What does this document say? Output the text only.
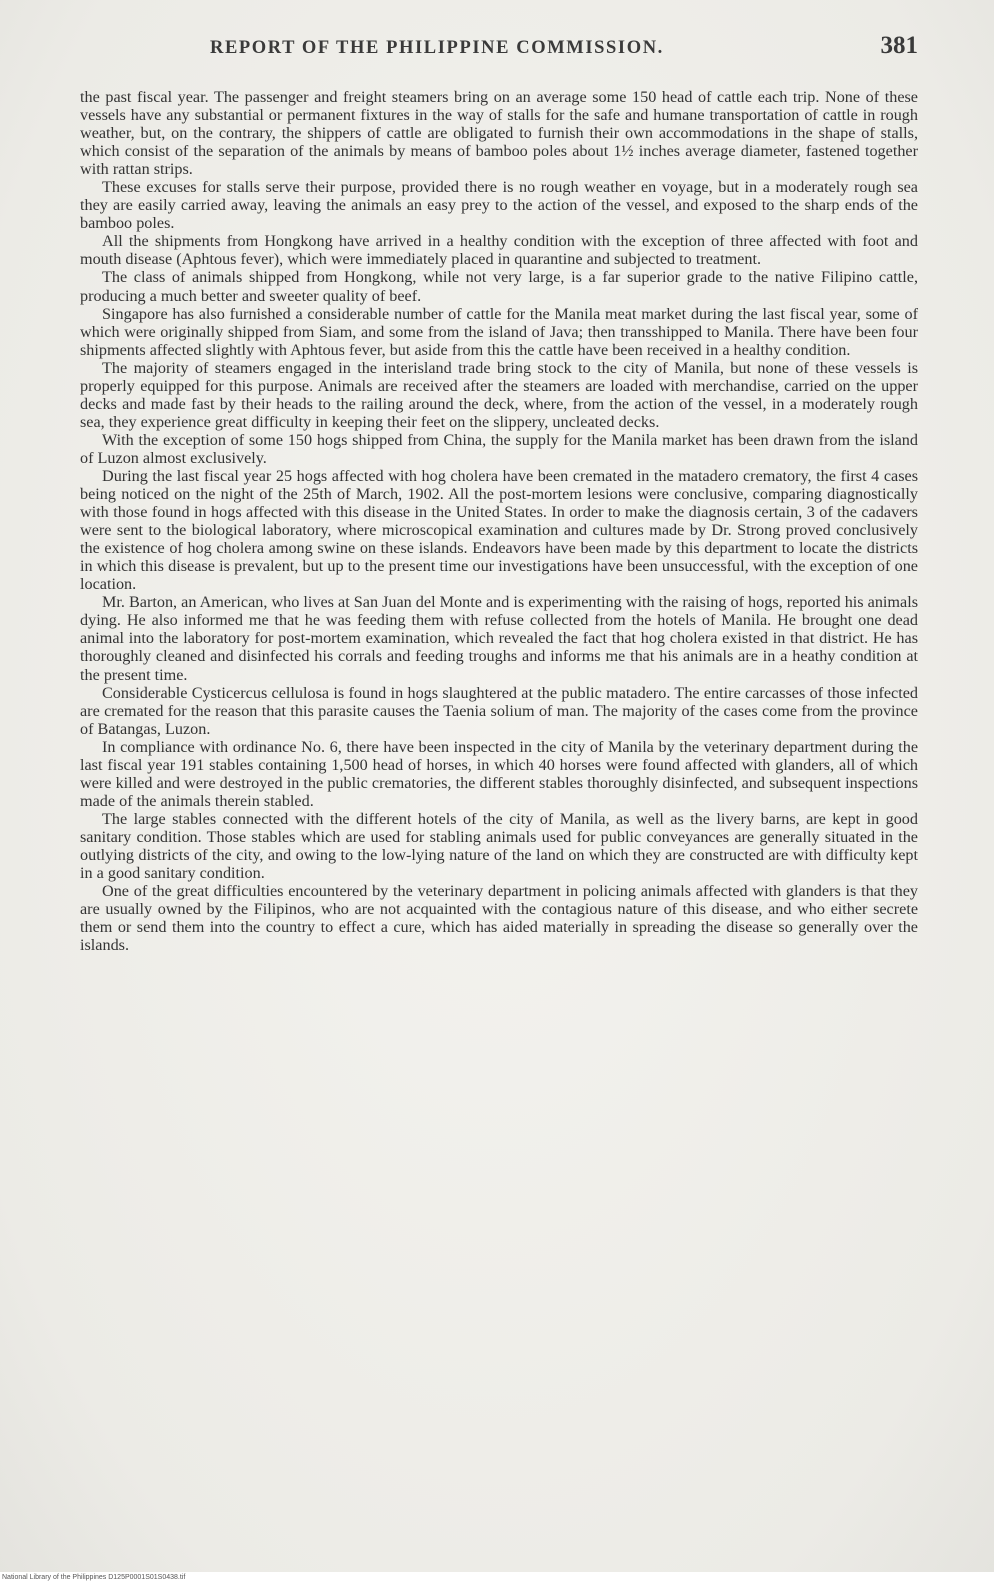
REPORT OF THE PHILIPPINE COMMISSION.	381

the past fiscal year. The passenger and freight steamers bring on an average some 150 head of cattle each trip. None of these vessels have any substantial or permanent fixtures in the way of stalls for the safe and humane transportation of cattle in rough weather, but, on the contrary, the shippers of cattle are obligated to furnish their own accommodations in the shape of stalls, which consist of the separation of the animals by means of bamboo poles about 1½ inches average diameter, fastened together with rattan strips.

These excuses for stalls serve their purpose, provided there is no rough weather en voyage, but in a moderately rough sea they are easily carried away, leaving the animals an easy prey to the action of the vessel, and exposed to the sharp ends of the bamboo poles.

All the shipments from Hongkong have arrived in a healthy condition with the exception of three affected with foot and mouth disease (Aphtous fever), which were immediately placed in quarantine and subjected to treatment.

The class of animals shipped from Hongkong, while not very large, is a far superior grade to the native Filipino cattle, producing a much better and sweeter quality of beef.

Singapore has also furnished a considerable number of cattle for the Manila meat market during the last fiscal year, some of which were originally shipped from Siam, and some from the island of Java; then transshipped to Manila. There have been four shipments affected slightly with Aphtous fever, but aside from this the cattle have been received in a healthy condition.

The majority of steamers engaged in the interisland trade bring stock to the city of Manila, but none of these vessels is properly equipped for this purpose. Animals are received after the steamers are loaded with merchandise, carried on the upper decks and made fast by their heads to the railing around the deck, where, from the action of the vessel, in a moderately rough sea, they experience great difficulty in keeping their feet on the slippery, uncleated decks.

With the exception of some 150 hogs shipped from China, the supply for the Manila market has been drawn from the island of Luzon almost exclusively.

During the last fiscal year 25 hogs affected with hog cholera have been cremated in the matadero crematory, the first 4 cases being noticed on the night of the 25th of March, 1902. All the post-mortem lesions were conclusive, comparing diagnostically with those found in hogs affected with this disease in the United States. In order to make the diagnosis certain, 3 of the cadavers were sent to the biological laboratory, where microscopical examination and cultures made by Dr. Strong proved conclusively the existence of hog cholera among swine on these islands. Endeavors have been made by this department to locate the districts in which this disease is prevalent, but up to the present time our investigations have been unsuccessful, with the exception of one location.

Mr. Barton, an American, who lives at San Juan del Monte and is experimenting with the raising of hogs, reported his animals dying. He also informed me that he was feeding them with refuse collected from the hotels of Manila. He brought one dead animal into the laboratory for post-mortem examination, which revealed the fact that hog cholera existed in that district. He has thoroughly cleaned and disinfected his corrals and feeding troughs and informs me that his animals are in a heathy condition at the present time.

Considerable Cysticercus cellulosa is found in hogs slaughtered at the public matadero. The entire carcasses of those infected are cremated for the reason that this parasite causes the Taenia solium of man. The majority of the cases come from the province of Batangas, Luzon.

In compliance with ordinance No. 6, there have been inspected in the city of Manila by the veterinary department during the last fiscal year 191 stables containing 1,500 head of horses, in which 40 horses were found affected with glanders, all of which were killed and were destroyed in the public crematories, the different stables thoroughly disinfected, and subsequent inspections made of the animals therein stabled.

The large stables connected with the different hotels of the city of Manila, as well as the livery barns, are kept in good sanitary condition. Those stables which are used for stabling animals used for public conveyances are generally situated in the outlying districts of the city, and owing to the low-lying nature of the land on which they are constructed are with difficulty kept in a good sanitary condition.

One of the great difficulties encountered by the veterinary department in policing animals affected with glanders is that they are usually owned by the Filipinos, who are not acquainted with the contagious nature of this disease, and who either secrete them or send them into the country to effect a cure, which has aided materially in spreading the disease so generally over the islands.

National Library of the Philippines D125P0001S01S0438.tif
